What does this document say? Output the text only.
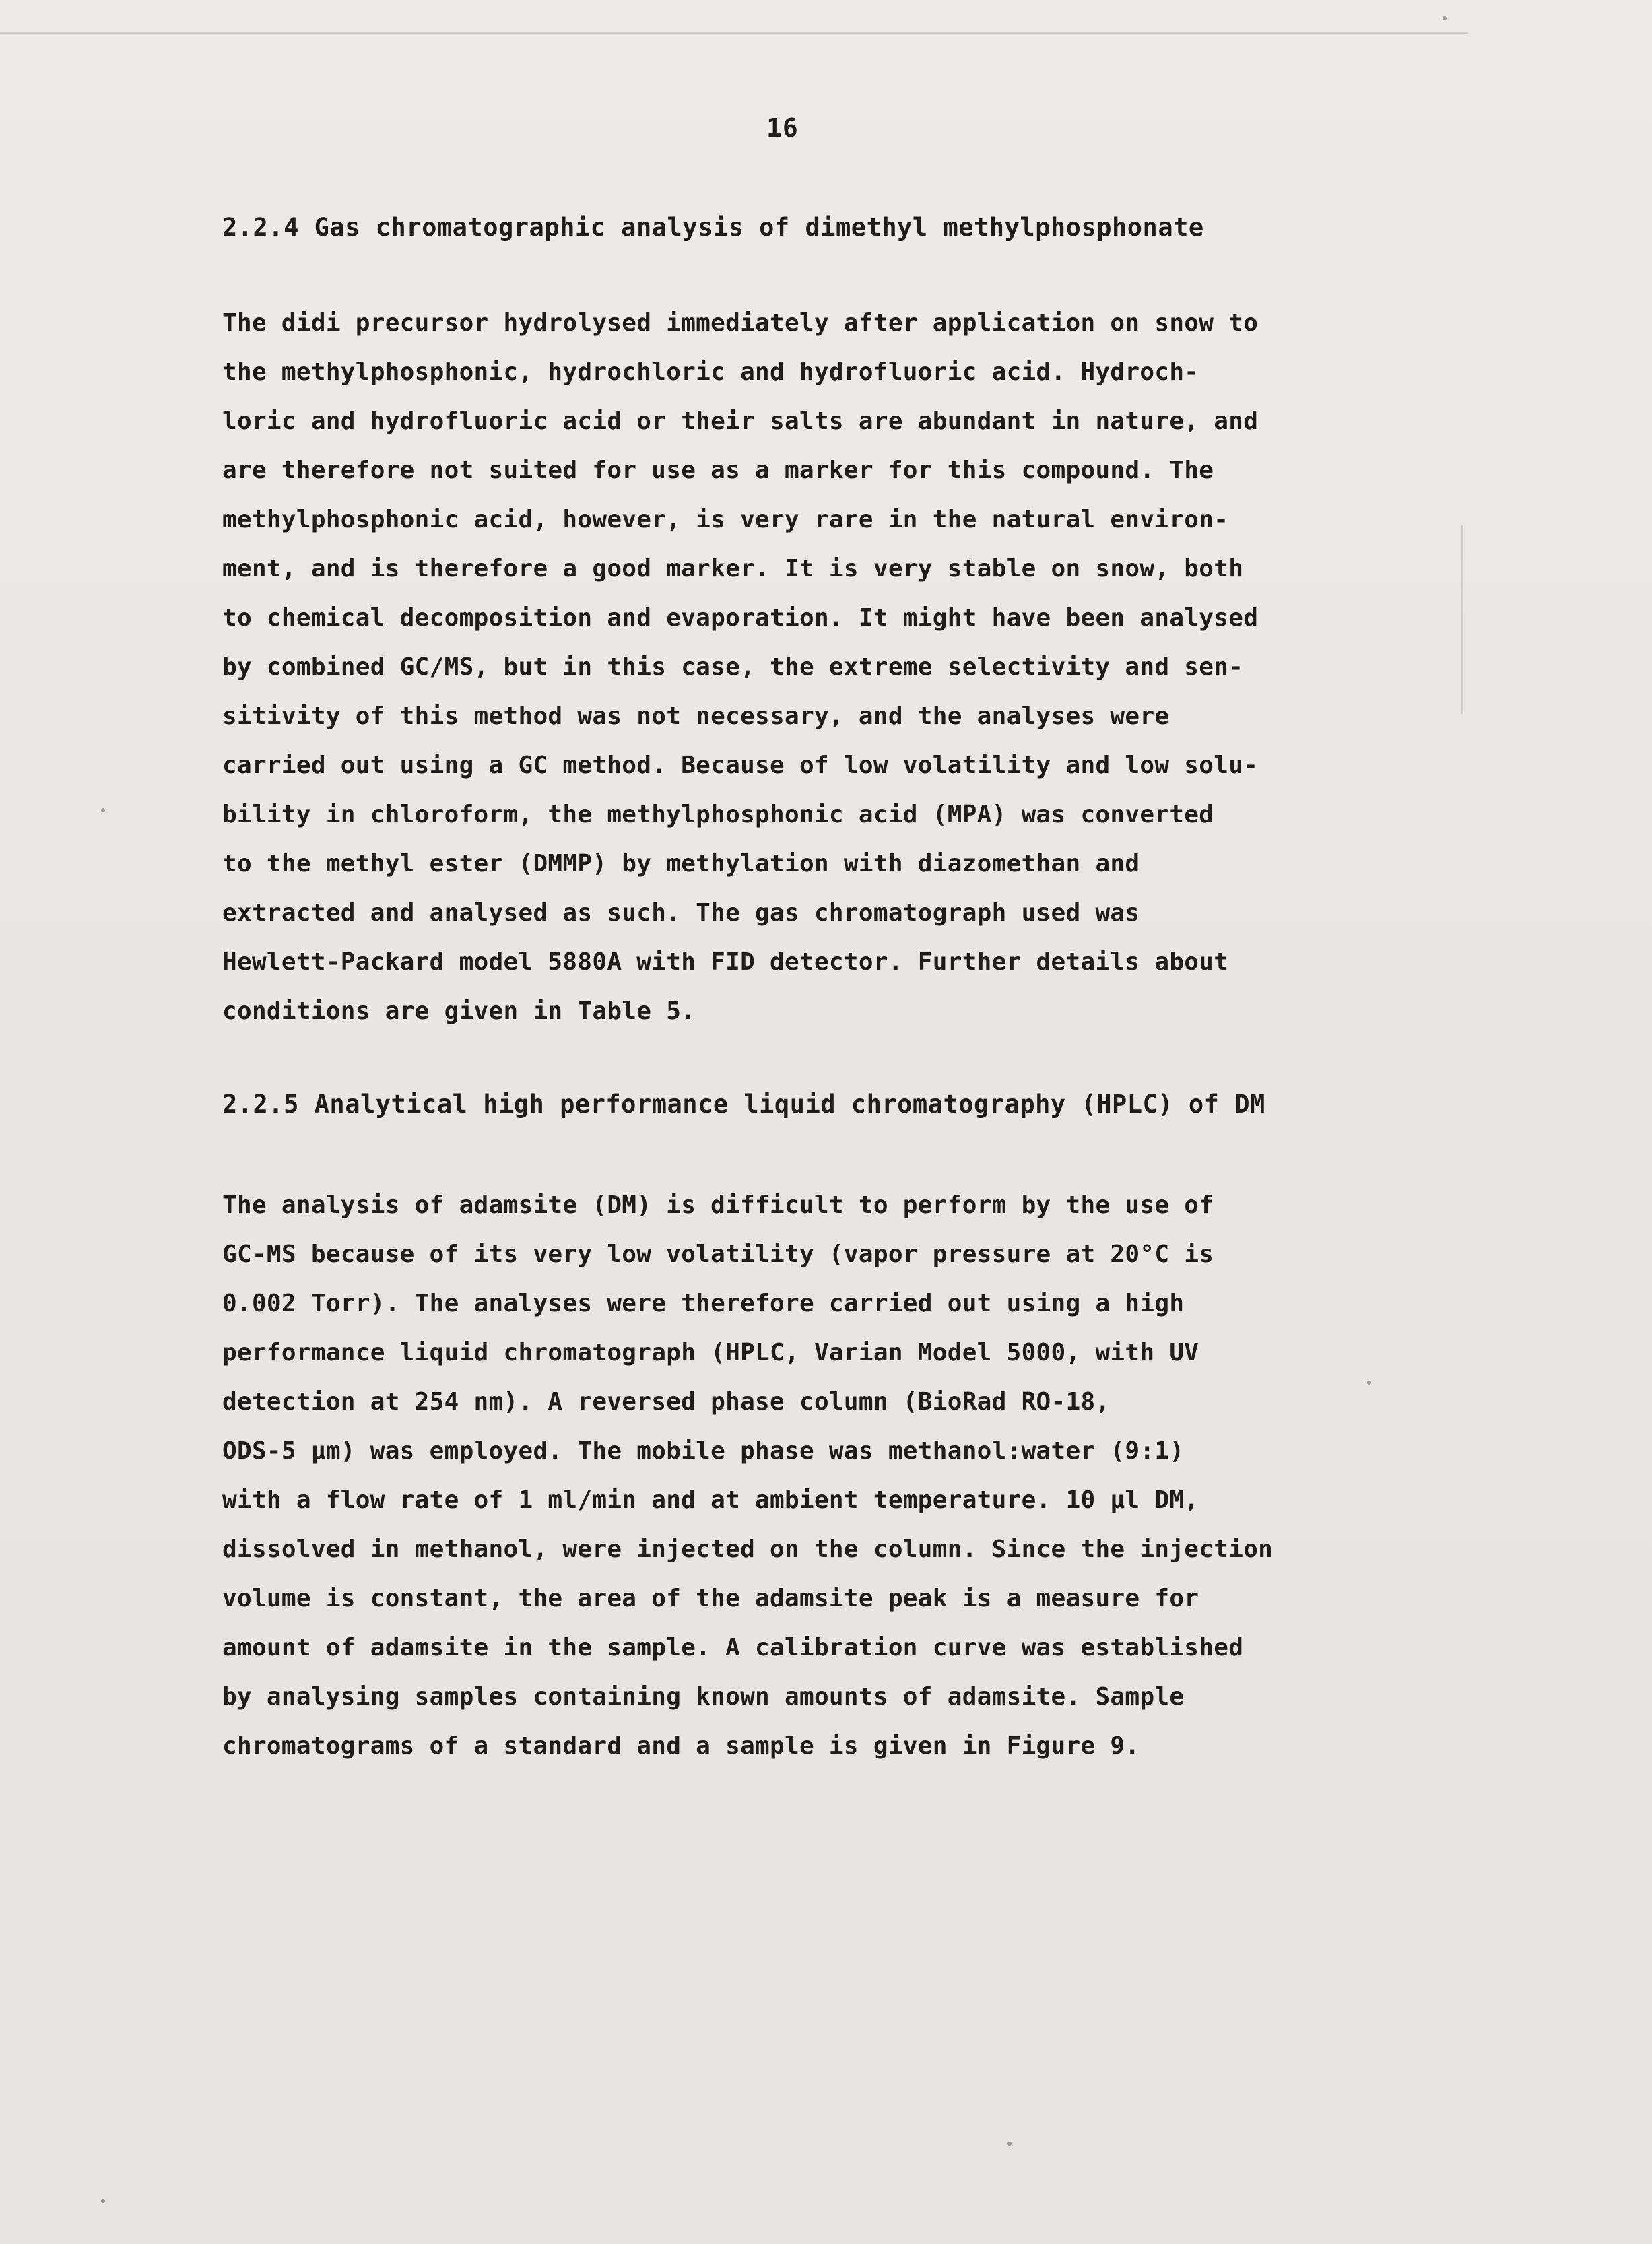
16
2.2.4 Gas chromatographic analysis of dimethyl methylphosphonate
The didi precursor hydrolysed immediately after application on snow to
the methylphosphonic, hydrochloric and hydrofluoric acid. Hydroch-
loric and hydrofluoric acid or their salts are abundant in nature, and
are therefore not suited for use as a marker for this compound. The
methylphosphonic acid, however, is very rare in the natural environ-
ment, and is therefore a good marker. It is very stable on snow, both
to chemical decomposition and evaporation. It might have been analysed
by combined GC/MS, but in this case, the extreme selectivity and sen-
sitivity of this method was not necessary, and the analyses were
carried out using a GC method. Because of low volatility and low solu-
bility in chloroform, the methylphosphonic acid (MPA) was converted
to the methyl ester (DMMP) by methylation with diazomethan and
extracted and analysed as such. The gas chromatograph used was
Hewlett-Packard model 5880A with FID detector. Further details about
conditions are given in Table 5.
2.2.5 Analytical high performance liquid chromatography (HPLC) of DM
The analysis of adamsite (DM) is difficult to perform by the use of
GC-MS because of its very low volatility (vapor pressure at 20°C is
0.002 Torr). The analyses were therefore carried out using a high
performance liquid chromatograph (HPLC, Varian Model 5000, with UV
detection at 254 nm). A reversed phase column (BioRad RO-18,
ODS-5 μm) was employed. The mobile phase was methanol:water (9:1)
with a flow rate of 1 ml/min and at ambient temperature. 10 μl DM,
dissolved in methanol, were injected on the column. Since the injection
volume is constant, the area of the adamsite peak is a measure for
amount of adamsite in the sample. A calibration curve was established
by analysing samples containing known amounts of adamsite. Sample
chromatograms of a standard and a sample is given in Figure 9.
